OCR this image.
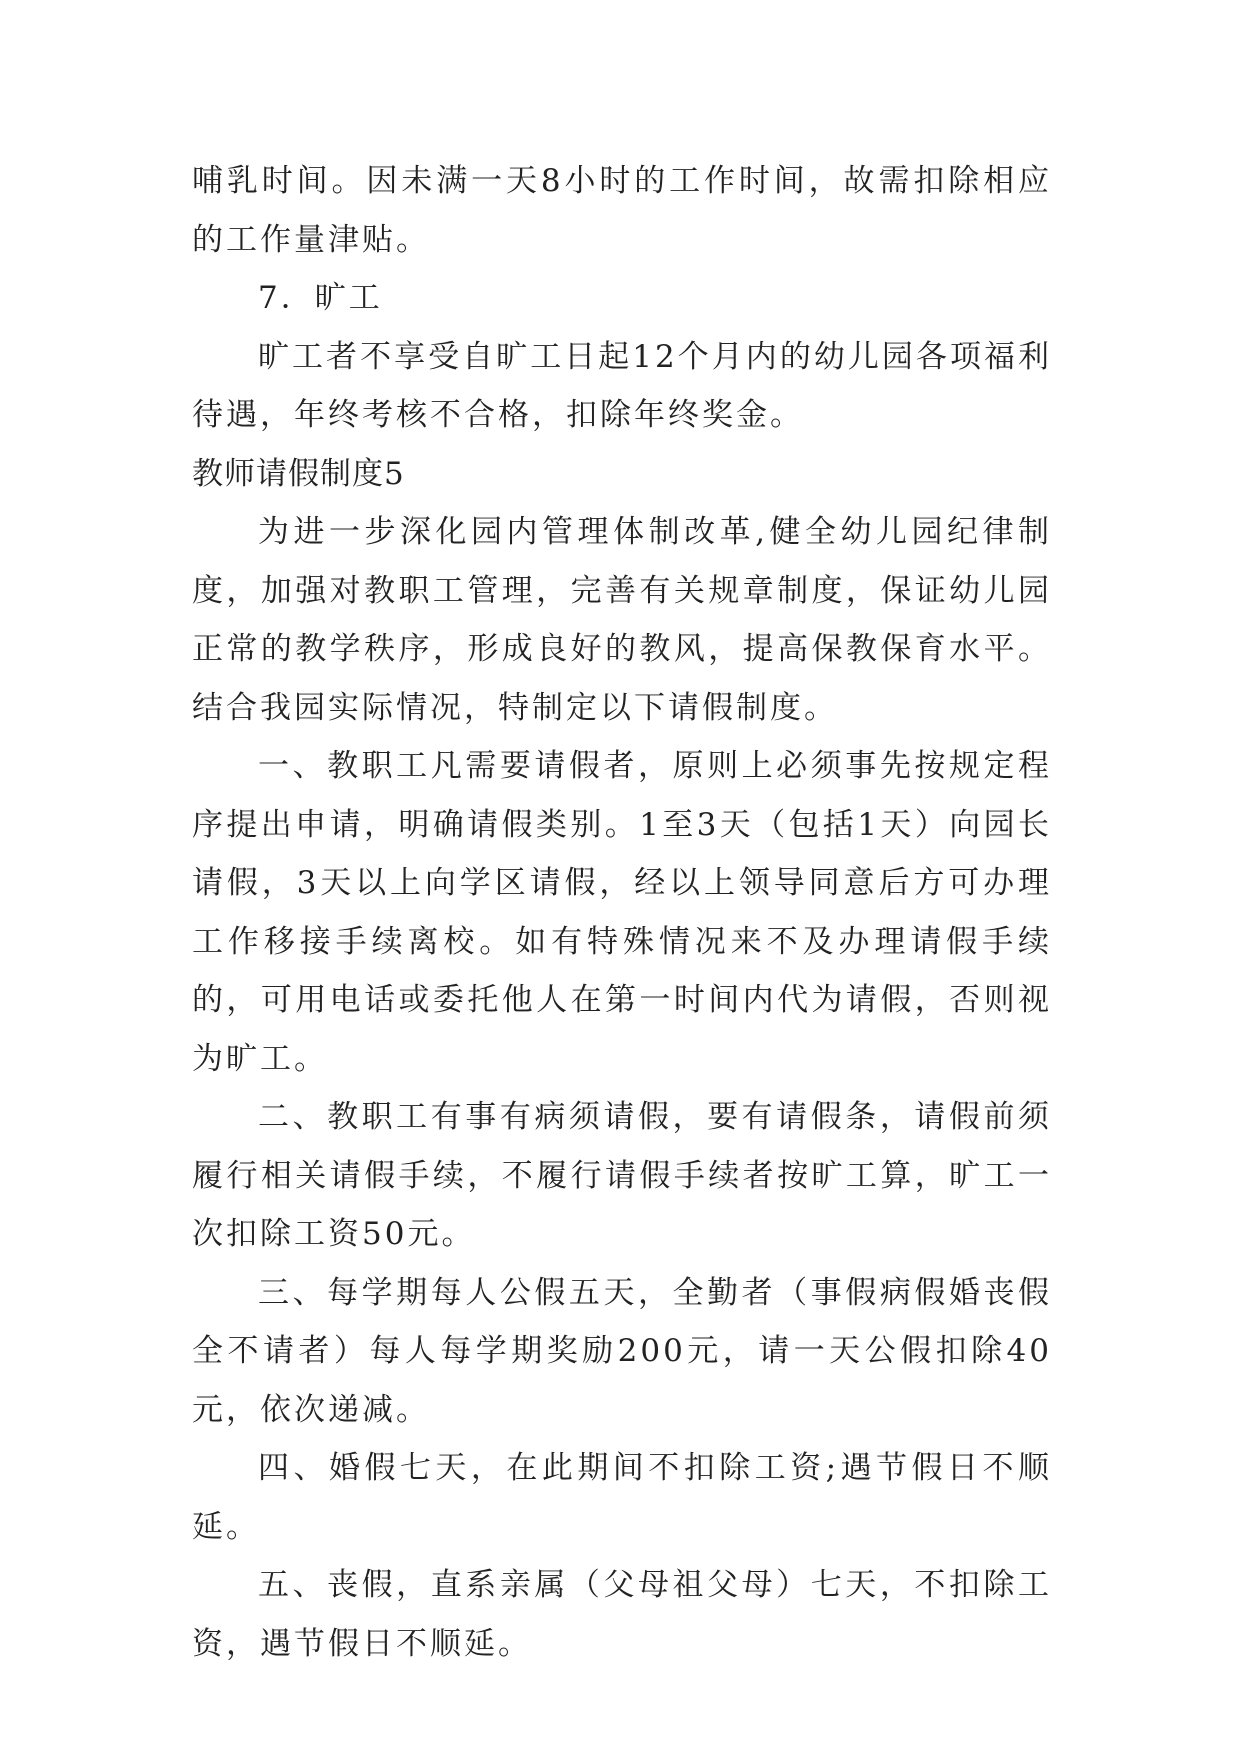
哺乳时间。因未满一天8小时的工作时间，故需扣除相应的工作量津贴。

7．旷工

旷工者不享受自旷工日起12个月内的幼儿园各项福利待遇，年终考核不合格，扣除年终奖金。

教师请假制度5

为进一步深化园内管理体制改革,健全幼儿园纪律制度，加强对教职工管理，完善有关规章制度，保证幼儿园正常的教学秩序，形成良好的教风，提高保教保育水平。结合我园实际情况，特制定以下请假制度。

一、教职工凡需要请假者，原则上必须事先按规定程序提出申请，明确请假类别。1至3天（包括1天）向园长请假，3天以上向学区请假，经以上领导同意后方可办理工作移接手续离校。如有特殊情况来不及办理请假手续的，可用电话或委托他人在第一时间内代为请假，否则视为旷工。

二、教职工有事有病须请假，要有请假条，请假前须履行相关请假手续，不履行请假手续者按旷工算，旷工一次扣除工资50元。

三、每学期每人公假五天，全勤者（事假病假婚丧假全不请者）每人每学期奖励200元，请一天公假扣除40元，依次递减。

四、婚假七天，在此期间不扣除工资;遇节假日不顺延。

五、丧假，直系亲属（父母祖父母）七天，不扣除工资，遇节假日不顺延。
